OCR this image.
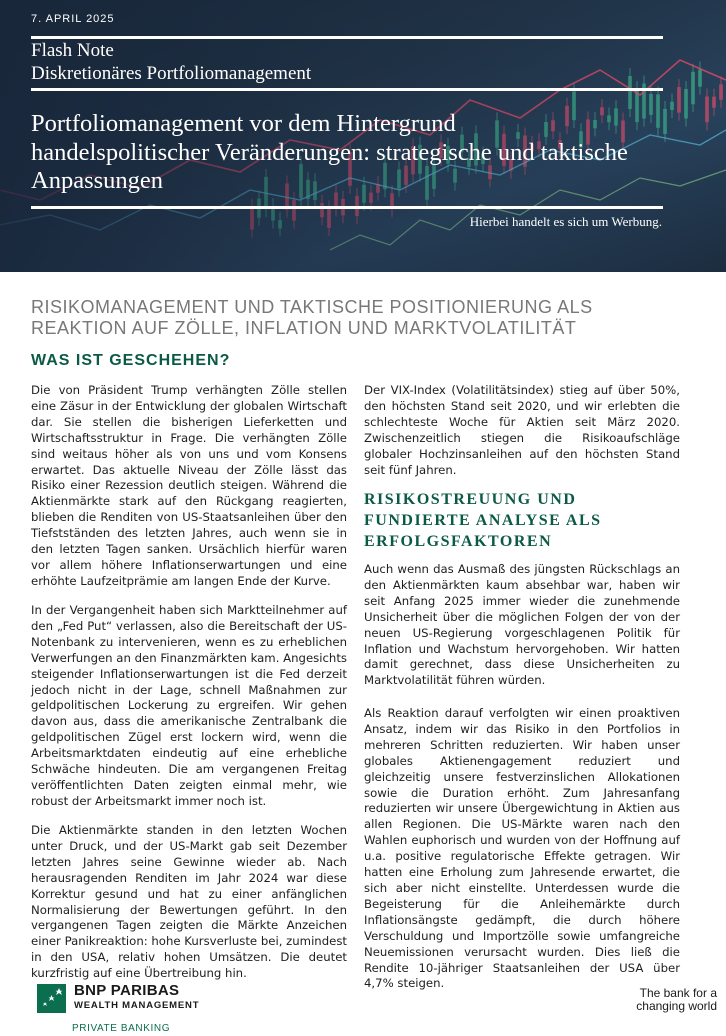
7. APRIL 2025
Flash Note
Diskretionäres Portfoliomanagement
Portfoliomanagement vor dem Hintergrund handelspolitischer Veränderungen: strategische und taktische Anpassungen
Hierbei handelt es sich um Werbung.
RISIKOMANAGEMENT UND TAKTISCHE POSITIONIERUNG ALS REAKTION AUF ZÖLLE, INFLATION UND MARKTVOLATILITÄT
WAS IST GESCHEHEN?

Die von Präsident Trump verhängten Zölle stellen eine Zäsur in der Entwicklung der globalen Wirtschaft dar. Sie stellen die bisherigen Lieferketten und Wirtschaftsstruktur in Frage. Die verhängten Zölle sind weitaus höher als von uns und vom Konsens erwartet. Das aktuelle Niveau der Zölle lässt das Risiko einer Rezession deutlich steigen. Während die Aktienmärkte stark auf den Rückgang reagierten, blieben die Renditen von US-Staatsanleihen über den Tiefstständen des letzten Jahres, auch wenn sie in den letzten Tagen sanken. Ursächlich hierfür waren vor allem höhere Inflationserwartungen und eine erhöhte Laufzeitprämie am langen Ende der Kurve.

In der Vergangenheit haben sich Marktteilnehmer auf den „Fed Put“ verlassen, also die Bereitschaft der US-Notenbank zu intervenieren, wenn es zu erheblichen Verwerfungen an den Finanzmärkten kam. Angesichts steigender Inflationserwartungen ist die Fed derzeit jedoch nicht in der Lage, schnell Maßnahmen zur geldpolitischen Lockerung zu ergreifen. Wir gehen davon aus, dass die amerikanische Zentralbank die geldpolitischen Zügel erst lockern wird, wenn die Arbeitsmarktdaten eindeutig auf eine erhebliche Schwäche hindeuten. Die am vergangenen Freitag veröffentlichten Daten zeigten einmal mehr, wie robust der Arbeitsmarkt immer noch ist.

Die Aktienmärkte standen in den letzten Wochen unter Druck, und der US-Markt gab seit Dezember letzten Jahres seine Gewinne wieder ab. Nach herausragenden Renditen im Jahr 2024 war diese Korrektur gesund und hat zu einer anfänglichen Normalisierung der Bewertungen geführt. In den vergangenen Tagen zeigten die Märkte Anzeichen einer Panikreaktion: hohe Kursverluste bei, zumindest in den USA, relativ hohen Umsätzen. Die deutet kurzfristig auf eine Übertreibung hin.

Der VIX-Index (Volatilitätsindex) stieg auf über 50%, den höchsten Stand seit 2020, und wir erlebten die schlechteste Woche für Aktien seit März 2020. Zwischenzeitlich stiegen die Risikoaufschläge globaler Hochzinsanleihen auf den höchsten Stand seit fünf Jahren.

RISIKOSTREUUNG UND FUNDIERTE ANALYSE ALS ERFOLGSFAKTOREN

Auch wenn das Ausmaß des jüngsten Rückschlags an den Aktienmärkten kaum absehbar war, haben wir seit Anfang 2025 immer wieder die zunehmende Unsicherheit über die möglichen Folgen der von der neuen US-Regierung vorgeschlagenen Politik für Inflation und Wachstum hervorgehoben. Wir hatten damit gerechnet, dass diese Unsicherheiten zu Marktvolatilität führen würden.

Als Reaktion darauf verfolgten wir einen proaktiven Ansatz, indem wir das Risiko in den Portfolios in mehreren Schritten reduzierten. Wir haben unser globales Aktienengagement reduziert und gleichzeitig unsere festverzinslichen Allokationen sowie die Duration erhöht. Zum Jahresanfang reduzierten wir unsere Übergewichtung in Aktien aus allen Regionen. Die US-Märkte waren nach den Wahlen euphorisch und wurden von der Hoffnung auf u.a. positive regulatorische Effekte getragen. Wir hatten eine Erholung zum Jahresende erwartet, die sich aber nicht einstellte. Unterdessen wurde die Begeisterung für die Anleihemärkte durch Inflationsängste gedämpft, die durch höhere Verschuldung und Importzölle sowie umfangreiche Neuemissionen verursacht wurden. Dies ließ die Rendite 10-jähriger Staatsanleihen der USA über 4,7% steigen.

BNP PARIBAS
WEALTH MANAGEMENT
PRIVATE BANKING
The bank for a changing world
